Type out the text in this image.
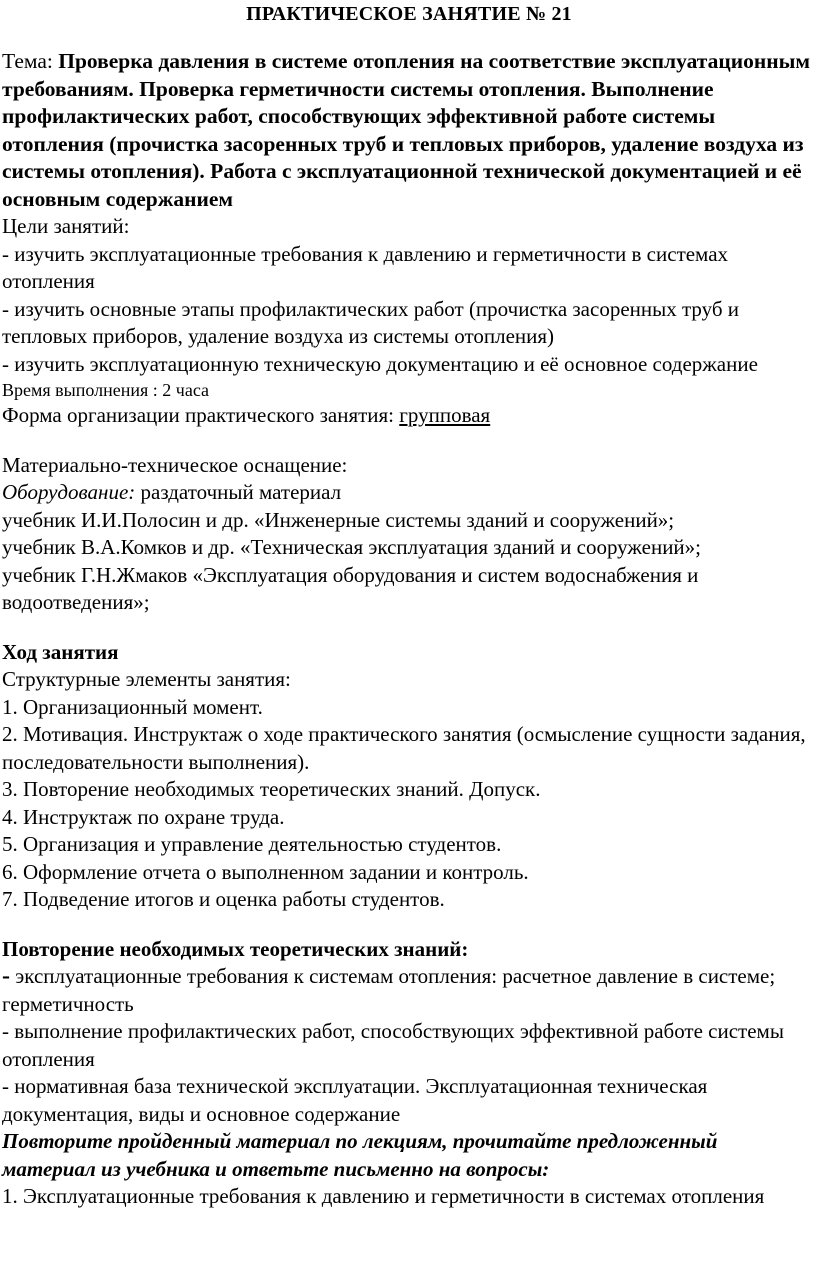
ПРАКТИЧЕСКОЕ ЗАНЯТИЕ № 21

Тема: Проверка давления в системе отопления на соответствие эксплуатационным требованиям. Проверка герметичности системы отопления. Выполнение профилактических работ, способствующих эффективной работе системы отопления (прочистка засоренных труб и тепловых приборов, удаление воздуха из системы отопления). Работа с эксплуатационной технической документацией и её основным содержанием

Цели занятий:

- изучить эксплуатационные требования к давлению и герметичности в системах отопления

- изучить основные этапы профилактических работ (прочистка засоренных труб и тепловых приборов, удаление воздуха из системы отопления)

- изучить эксплуатационную техническую документацию и её основное содержание

Время выполнения : 2 часа

Форма организации практического занятия: групповая

Материально-техническое оснащение:

Оборудование: раздаточный материал

учебник И.И.Полосин и др. «Инженерные системы зданий и сооружений»;

учебник В.А.Комков и др. «Техническая эксплуатация зданий и сооружений»;

учебник Г.Н.Жмаков «Эксплуатация оборудования и систем водоснабжения и водоотведения»;

Ход занятия

Структурные элементы занятия:

1. Организационный момент.

2. Мотивация. Инструктаж о ходе практического занятия (осмысление сущности задания, последовательности выполнения).

3. Повторение необходимых теоретических знаний. Допуск.

4. Инструктаж по охране труда.

5. Организация и управление деятельностью студентов.

6. Оформление отчета о выполненном задании и контроль.

7. Подведение итогов и оценка работы студентов.

Повторение необходимых теоретических знаний:

- эксплуатационные требования к системам отопления: расчетное давление в системе; герметичность

- выполнение профилактических работ, способствующих эффективной работе системы отопления

- нормативная база технической эксплуатации. Эксплуатационная техническая документация, виды и основное содержание

Повторите пройденный материал по лекциям, прочитайте предложенный материал из учебника и ответьте письменно на вопросы:

1. Эксплуатационные требования к давлению и герметичности в системах отопления
